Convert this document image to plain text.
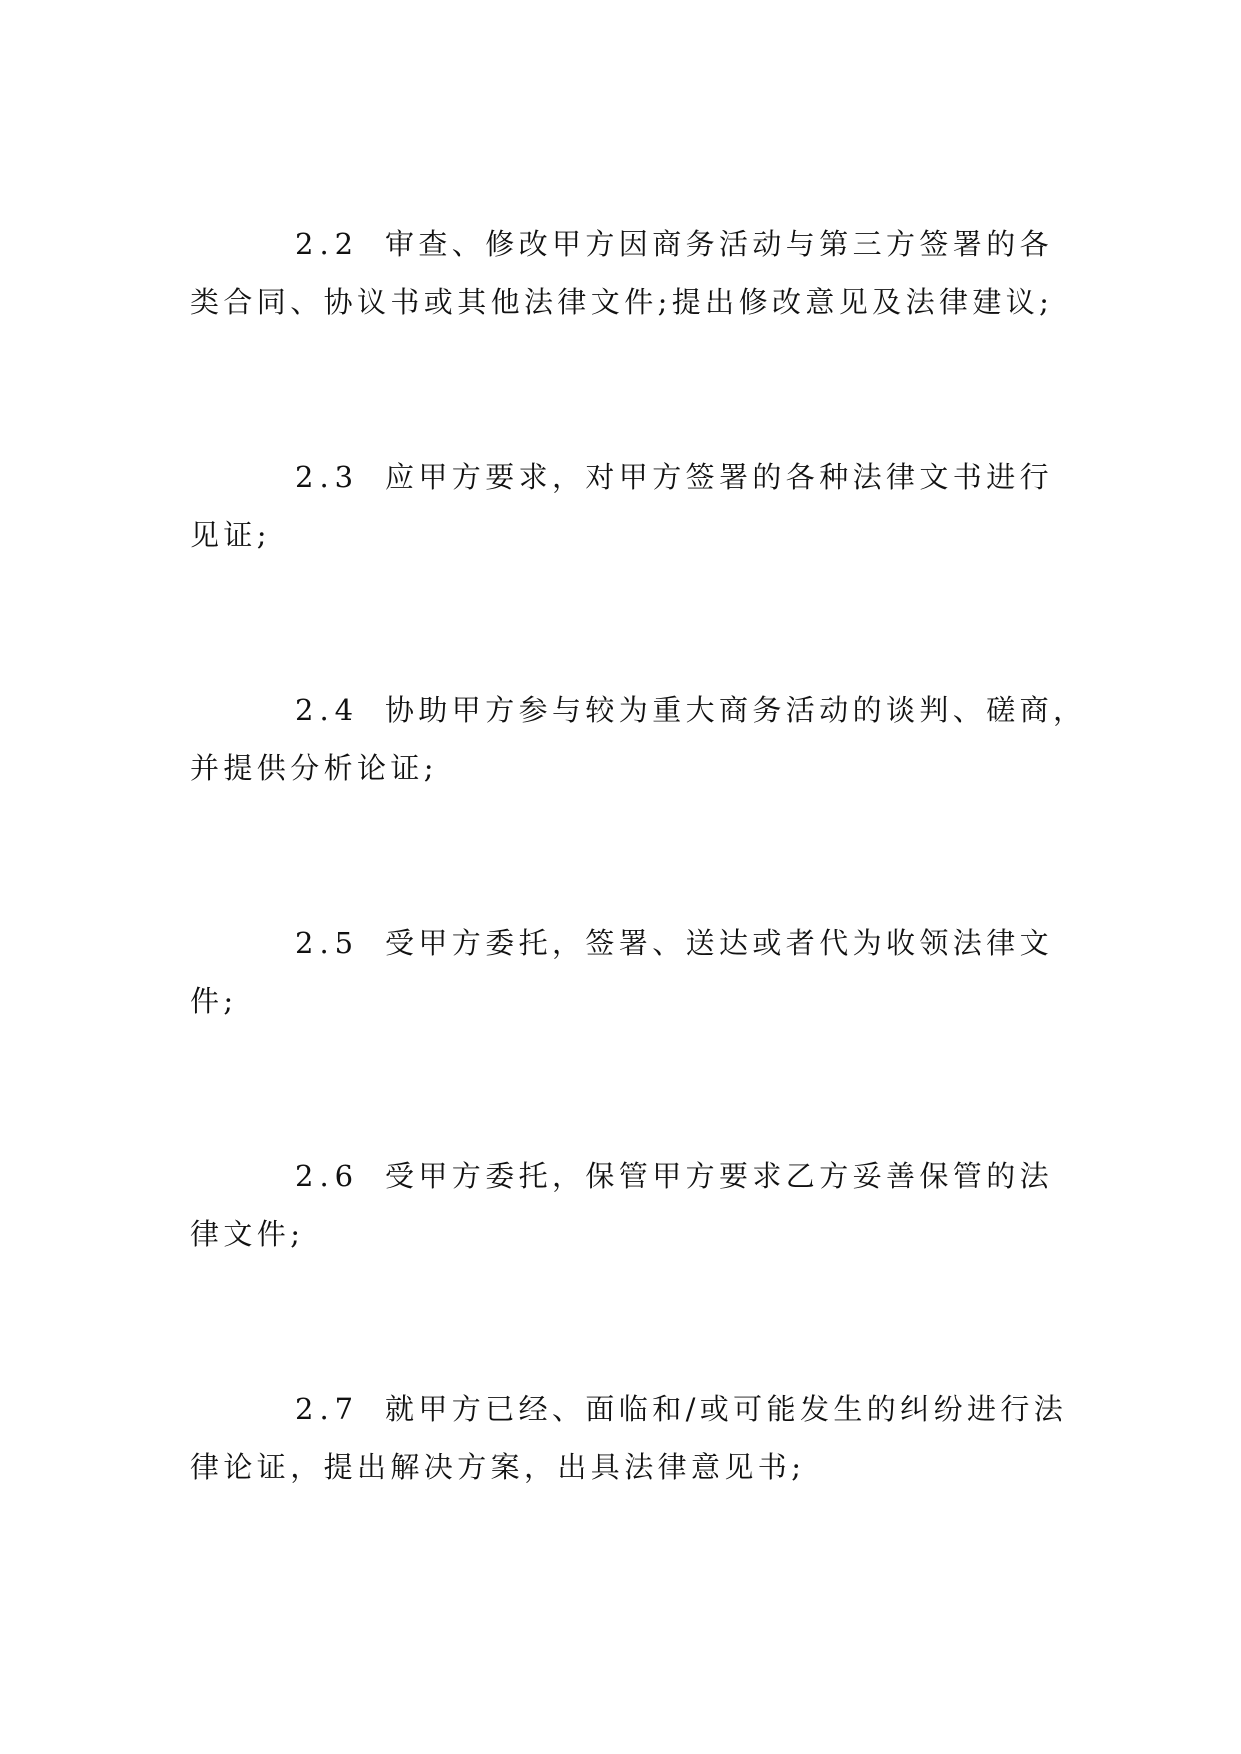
2.2 审查、修改甲方因商务活动与第三方签署的各
类合同、协议书或其他法律文件;提出修改意见及法律建议;
2.3 应甲方要求，对甲方签署的各种法律文书进行
见证;
2.4 协助甲方参与较为重大商务活动的谈判、磋商，
并提供分析论证;
2.5 受甲方委托，签署、送达或者代为收领法律文
件;
2.6 受甲方委托，保管甲方要求乙方妥善保管的法
律文件;
2.7 就甲方已经、面临和/或可能发生的纠纷进行法
律论证，提出解决方案，出具法律意见书;
